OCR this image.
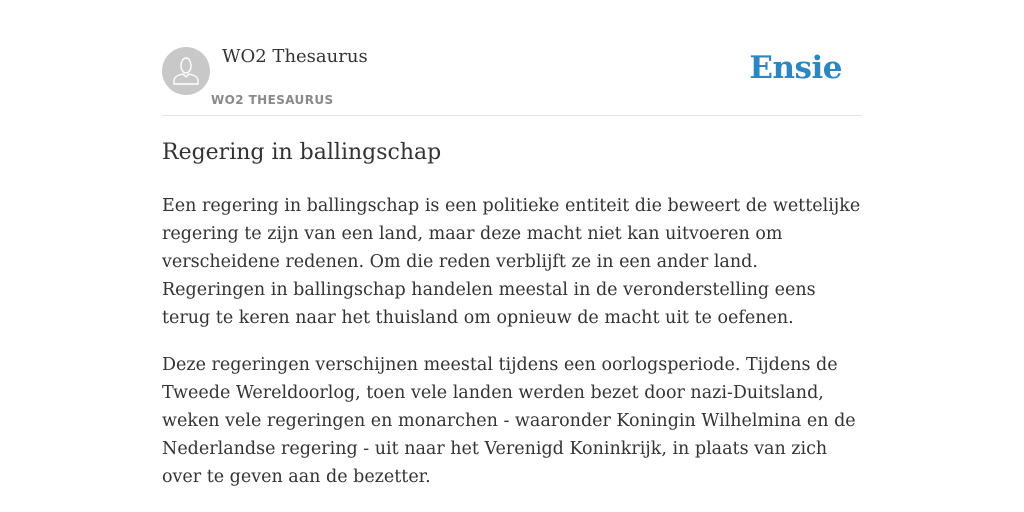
WO2 Thesaurus
WO2 THESAURUS
Ensie
Regering in ballingschap

Een regering in ballingschap is een politieke entiteit die beweert de wettelijke regering te zijn van een land, maar deze macht niet kan uitvoeren om verscheidene redenen. Om die reden verblijft ze in een ander land. Regeringen in ballingschap handelen meestal in de veronderstelling eens terug te keren naar het thuisland om opnieuw de macht uit te oefenen.

Deze regeringen verschijnen meestal tijdens een oorlogsperiode. Tijdens de Tweede Wereldoorlog, toen vele landen werden bezet door nazi-Duitsland, weken vele regeringen en monarchen - waaronder Koningin Wilhelmina en de Nederlandse regering - uit naar het Verenigd Koninkrijk, in plaats van zich over te geven aan de bezetter.
